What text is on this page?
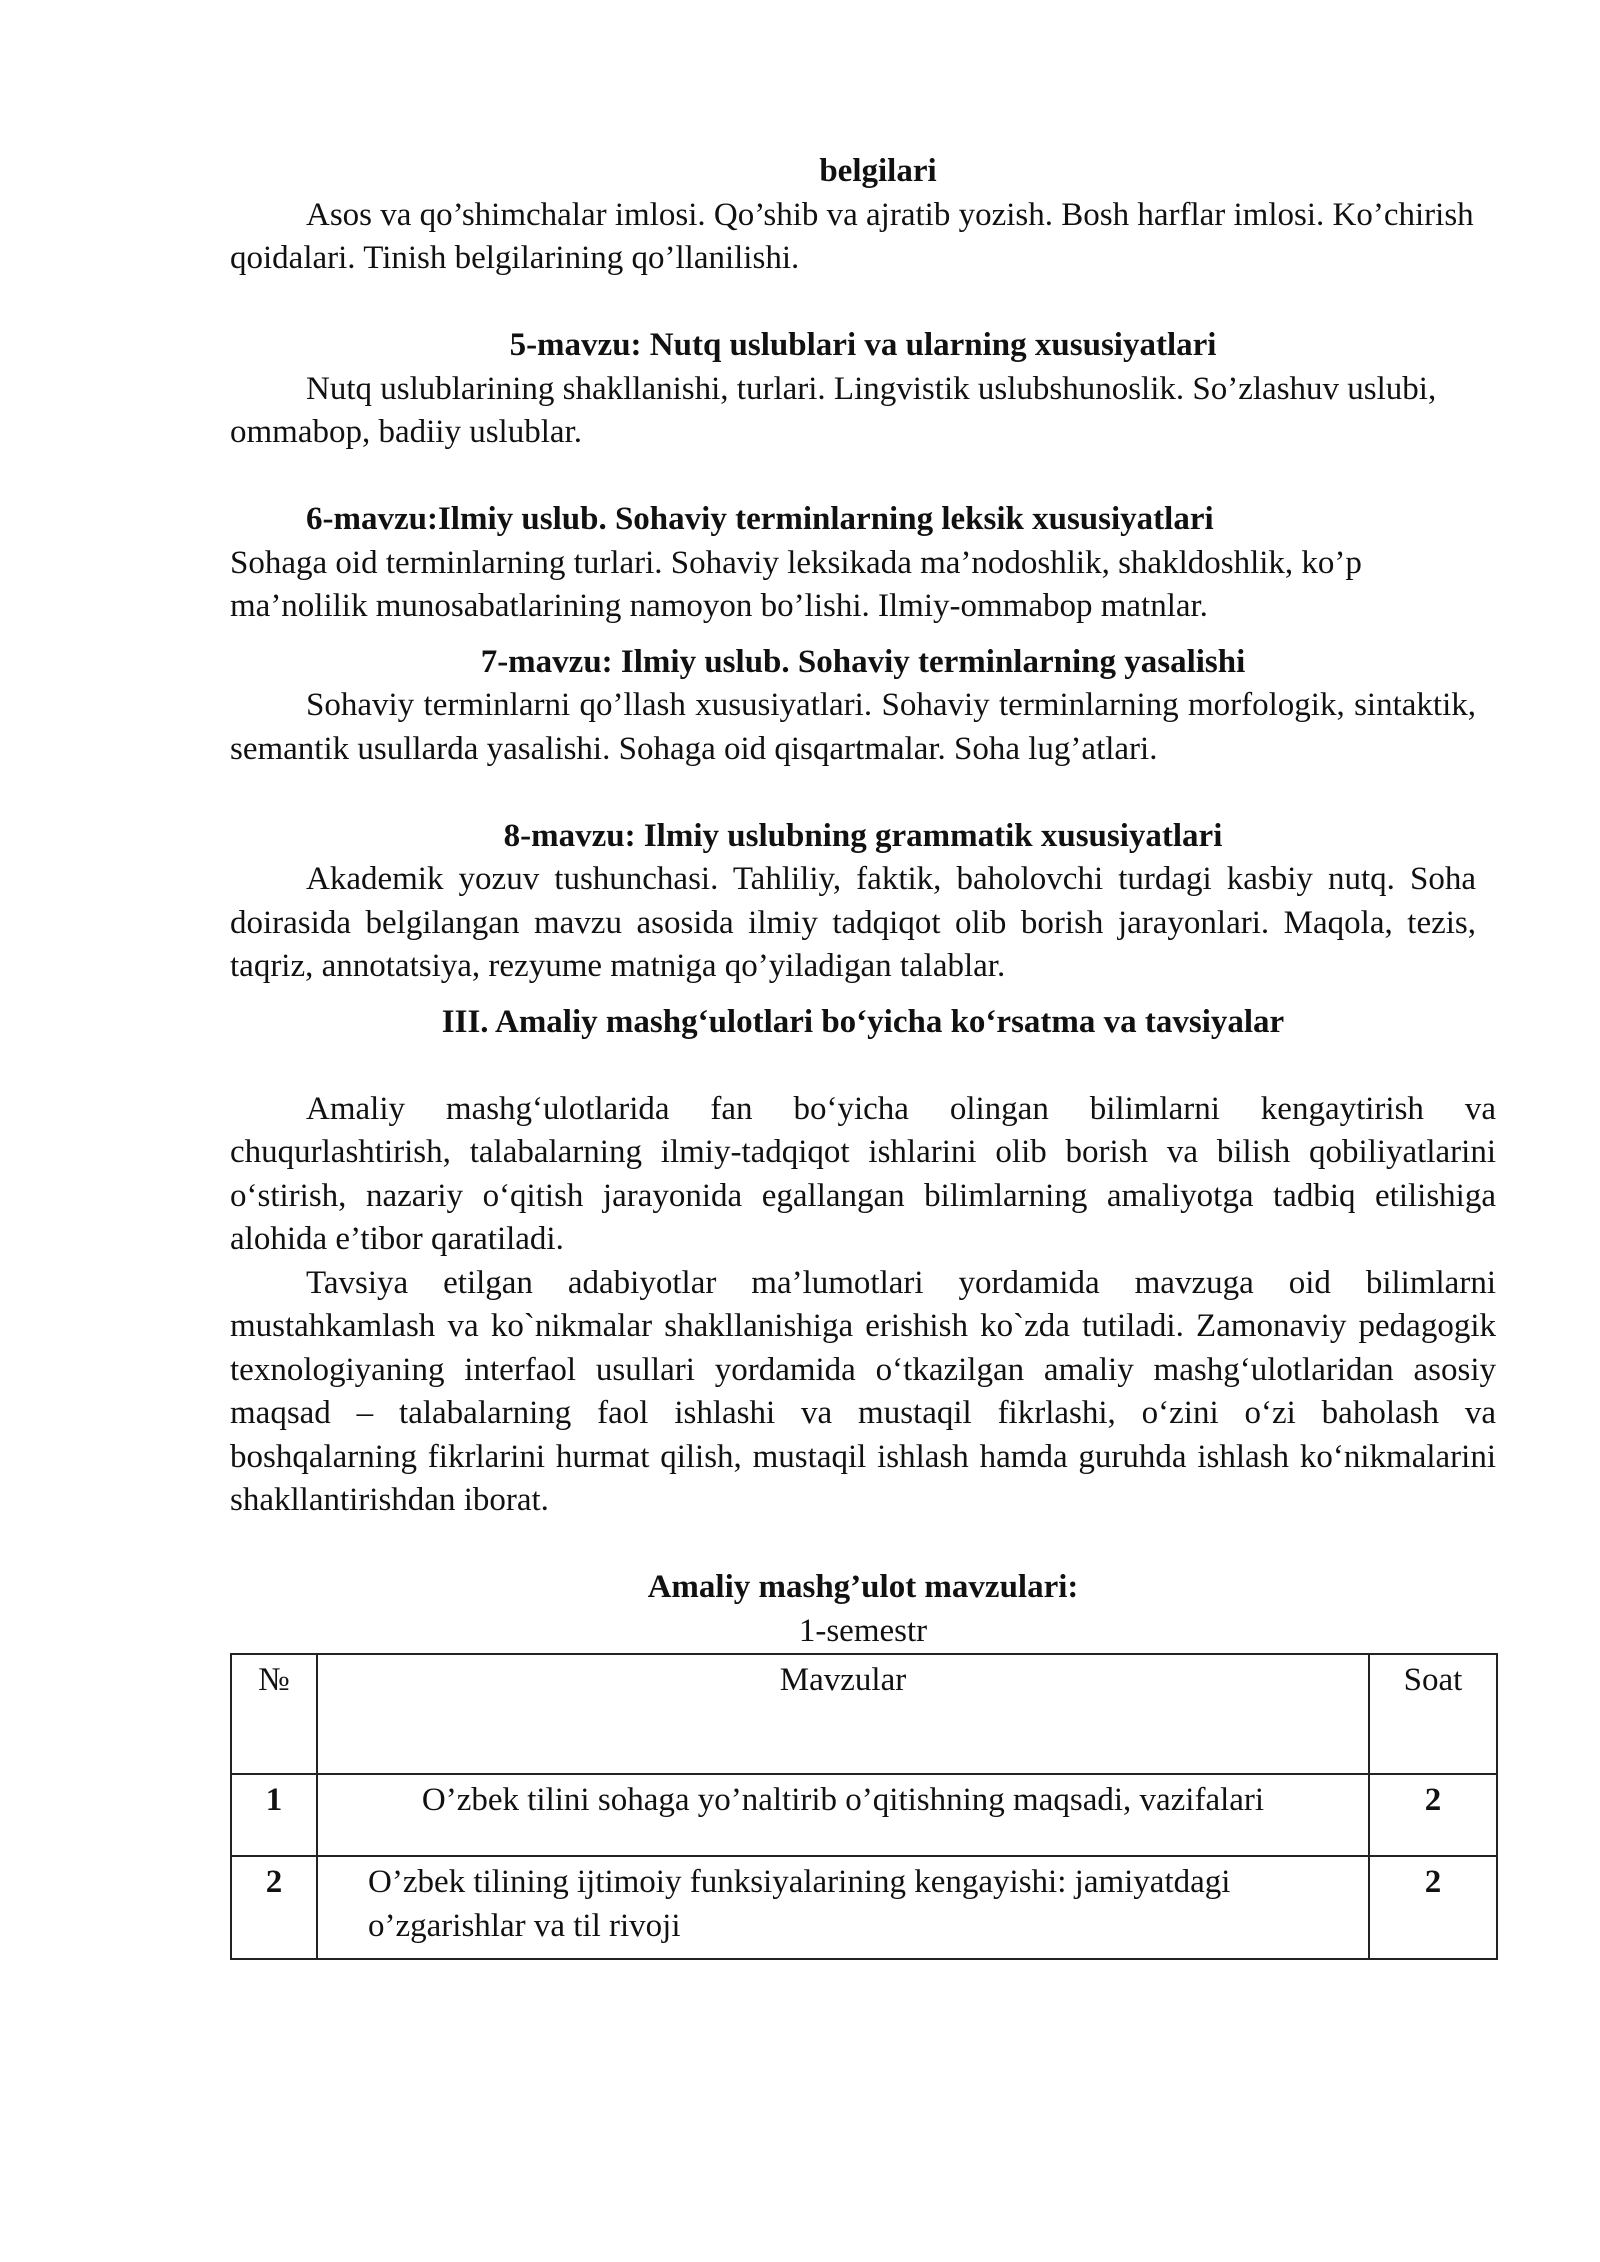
belgilari

Asos va qo’shimchalar imlosi. Qo’shib va ajratib yozish. Bosh harflar imlosi. Ko’chirish qoidalari. Tinish belgilarining qo’llanilishi.

5-mavzu: Nutq uslublari va ularning xususiyatlari

Nutq uslublarining shakllanishi, turlari. Lingvistik uslubshunoslik. So’zlashuv uslubi, ommabop, badiiy uslublar.

6-mavzu:Ilmiy uslub. Sohaviy terminlarning leksik xususiyatlari

Sohaga oid terminlarning turlari. Sohaviy leksikada ma’nodoshlik, shakldoshlik, ko’p ma’nolilik munosabatlarining namoyon bo’lishi. Ilmiy-ommabop matnlar.

7-mavzu: Ilmiy uslub. Sohaviy terminlarning yasalishi

Sohaviy terminlarni qo’llash xususiyatlari. Sohaviy terminlarning morfologik, sintaktik, semantik usullarda yasalishi. Sohaga oid qisqartmalar. Soha lug’atlari.

8-mavzu: Ilmiy uslubning grammatik xususiyatlari

Akademik yozuv tushunchasi. Tahliliy, faktik, baholovchi turdagi kasbiy nutq. Soha doirasida belgilangan mavzu asosida ilmiy tadqiqot olib borish jarayonlari. Maqola, tezis, taqriz, annotatsiya, rezyume matniga qo’yiladigan talablar.

III. Amaliy mashg‘ulotlari bo‘yicha ko‘rsatma va tavsiyalar

Amaliy mashg‘ulotlarida fan bo‘yicha olingan bilimlarni kengaytirish va chuqurlashtirish, talabalarning ilmiy-tadqiqot ishlarini olib borish va bilish qobiliyatlarini o‘stirish, nazariy o‘qitish jarayonida egallangan bilimlarning amaliyotga tadbiq etilishiga alohida e’tibor qaratiladi.

Tavsiya etilgan adabiyotlar ma’lumotlari yordamida mavzuga oid bilimlarni mustahkamlash va ko`nikmalar shakllanishiga erishish ko`zda tutiladi. Zamonaviy pedagogik texnologiyaning interfaol usullari yordamida o‘tkazilgan amaliy mashg‘ulotlaridan asosiy maqsad – talabalarning faol ishlashi va mustaqil fikrlashi, o‘zini o‘zi baholash va boshqalarning fikrlarini hurmat qilish, mustaqil ishlash hamda guruhda ishlash ko‘nikmalarini shakllantirishdan iborat.

Amaliy mashg’ulot mavzulari:

1-semestr

№	Mavzular	Soat
1	O’zbek tilini sohaga yo’naltirib o’qitishning maqsadi, vazifalari	2
2	O’zbek tilining ijtimoiy funksiyalarining kengayishi: jamiyatdagi o’zgarishlar va til rivoji	2
